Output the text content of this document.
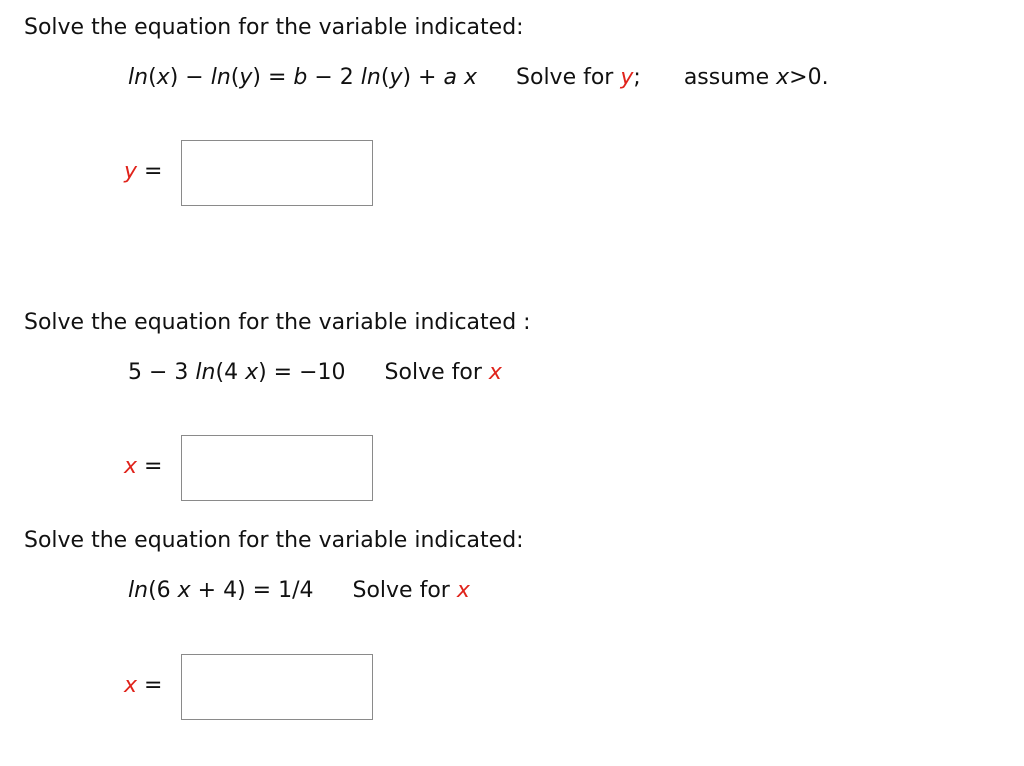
Solve the equation for the variable indicated:
ln(x) − ln(y) = b − 2 ln(y) + a x Solve for y; assume x>0.
y =
Solve the equation for the variable indicated :
5 − 3 ln(4 x) = −10 Solve for x
x =
Solve the equation for the variable indicated:
ln(6 x + 4) = 1/4 Solve for x
x =
